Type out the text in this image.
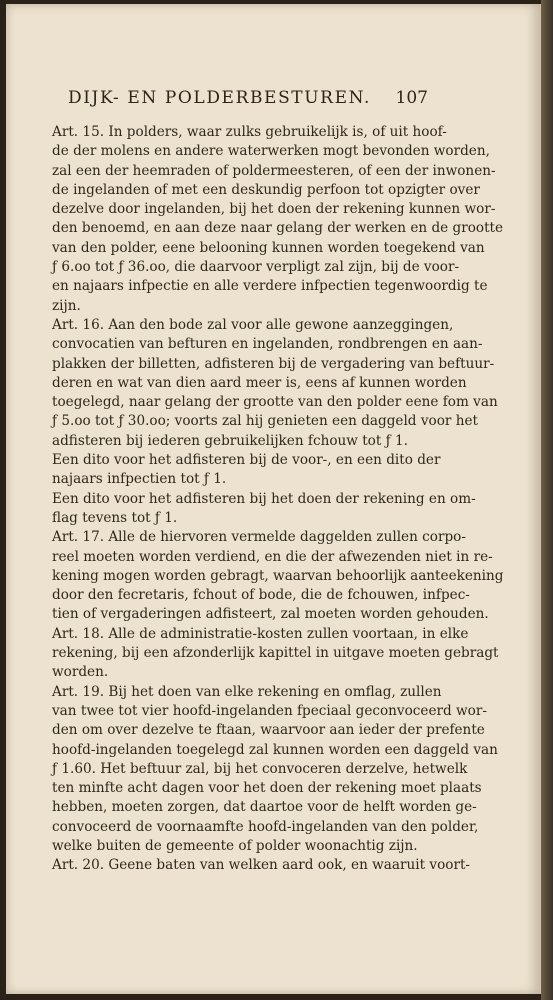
DIJK- EN POLDERBESTUREN. 107
Art. 15. In polders, waar zulks gebruikelijk is, of uit hoof-
de der molens en andere waterwerken mogt bevonden worden,
zal een der heemraden of poldermeesteren, of een der inwonen-
de ingelanden of met een deskundig perfoon tot opzigter over
dezelve door ingelanden, bij het doen der rekening kunnen wor-
den benoemd, en aan deze naar gelang der werken en de grootte
van den polder, eene belooning kunnen worden toegekend van
ƒ 6.oo tot ƒ 36.oo, die daarvoor verpligt zal zijn, bij de voor-
en najaars infpectie en alle verdere infpectien tegenwoordig te
zijn.
Art. 16. Aan den bode zal voor alle gewone aanzeggingen,
convocatien van befturen en ingelanden, rondbrengen en aan-
plakken der billetten, adfisteren bij de vergadering van beftuur-
deren en wat van dien aard meer is, eens af kunnen worden
toegelegd, naar gelang der grootte van den polder eene fom van
ƒ 5.oo tot ƒ 30.oo; voorts zal hij genieten een daggeld voor het
adfisteren bij iederen gebruikelijken fchouw tot ƒ 1.
Een dito voor het adfisteren bij de voor-, en een dito der
najaars infpectien tot ƒ 1.
Een dito voor het adfisteren bij het doen der rekening en om-
flag tevens tot ƒ 1.
Art. 17. Alle de hiervoren vermelde daggelden zullen corpo-
reel moeten worden verdiend, en die der afwezenden niet in re-
kening mogen worden gebragt, waarvan behoorlijk aanteekening
door den fecretaris, fchout of bode, die de fchouwen, infpec-
tien of vergaderingen adfisteert, zal moeten worden gehouden.
Art. 18. Alle de administratie-kosten zullen voortaan, in elke
rekening, bij een afzonderlijk kapittel in uitgave moeten gebragt
worden.
Art. 19. Bij het doen van elke rekening en omflag, zullen
van twee tot vier hoofd-ingelanden fpeciaal geconvoceerd wor-
den om over dezelve te ftaan, waarvoor aan ieder der prefente
hoofd-ingelanden toegelegd zal kunnen worden een daggeld van
ƒ 1.60. Het beftuur zal, bij het convoceren derzelve, hetwelk
ten minfte acht dagen voor het doen der rekening moet plaats
hebben, moeten zorgen, dat daartoe voor de helft worden ge-
convoceerd de voornaamfte hoofd-ingelanden van den polder,
welke buiten de gemeente of polder woonachtig zijn.
Art. 20. Geene baten van welken aard ook, en waaruit voort-
